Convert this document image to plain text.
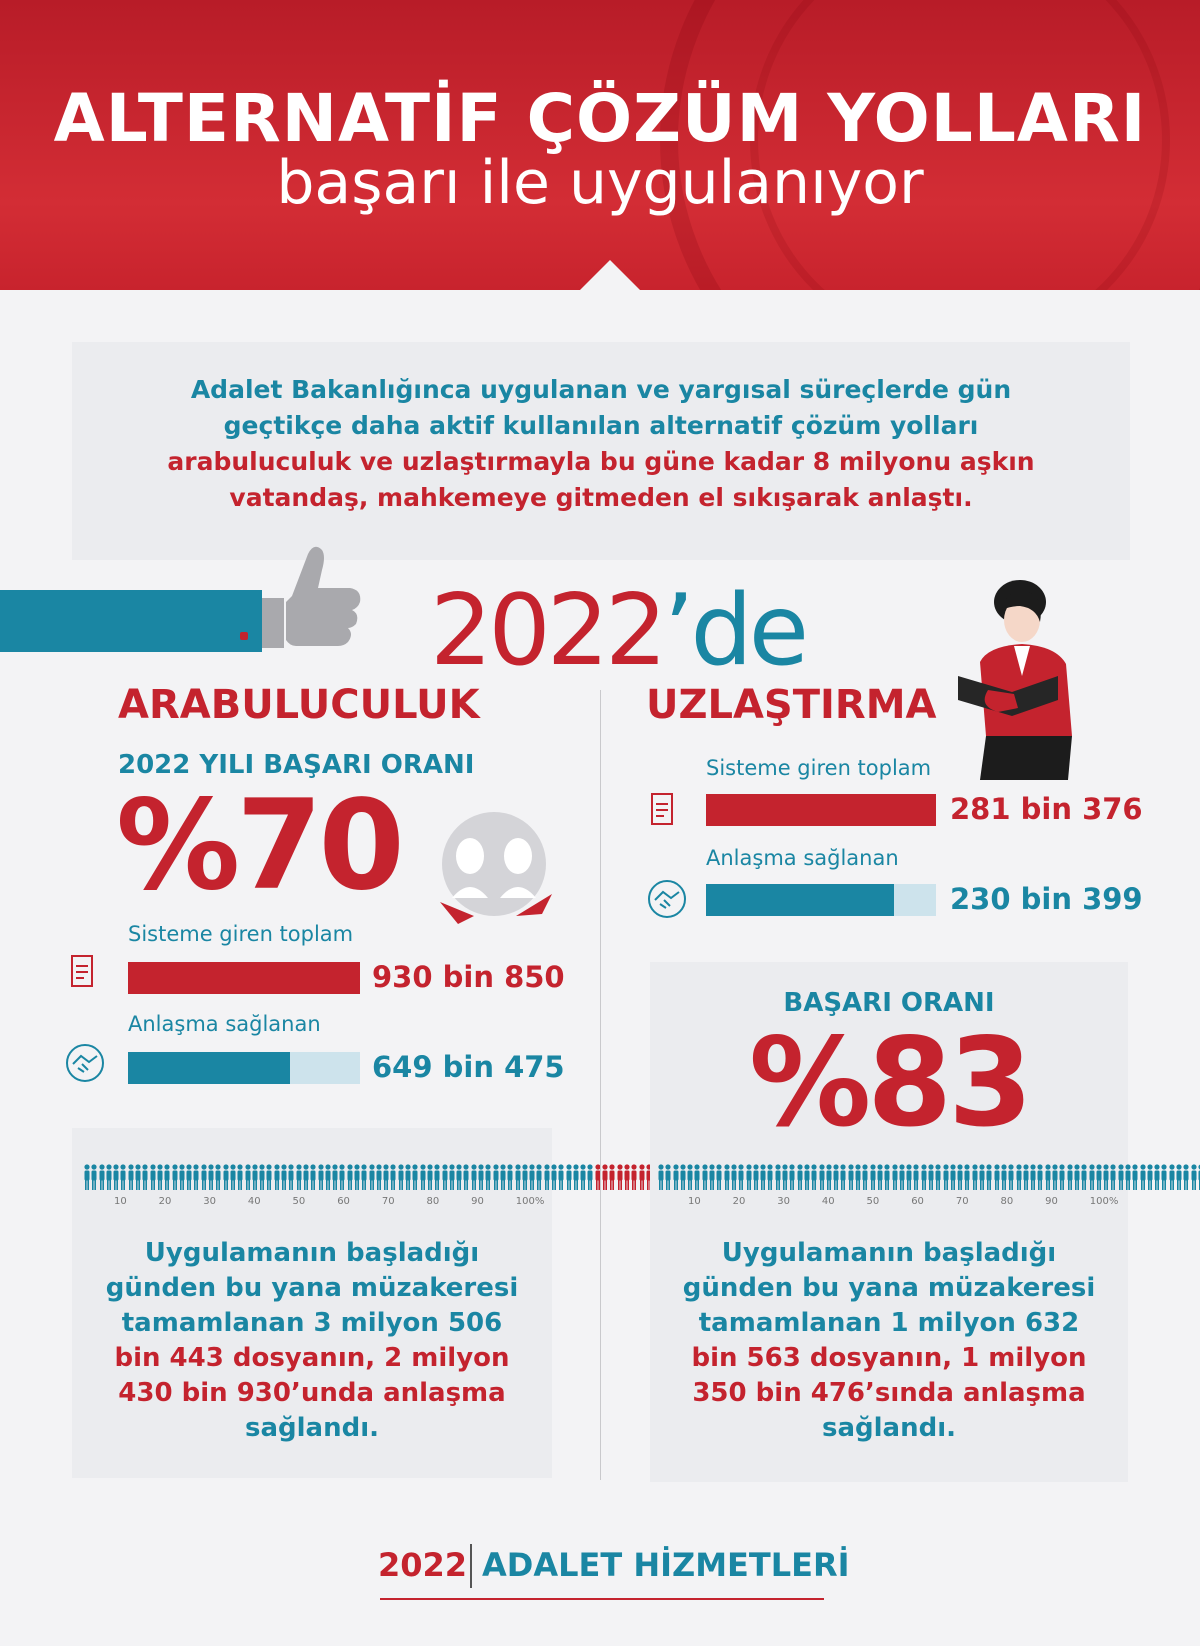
ALTERNATİF ÇÖZÜM YOLLARI
başarı ile uygulanıyor
Adalet Bakanlığınca uygulanan ve yargısal süreçlerde gün
geçtikçe daha aktif kullanılan alternatif çözüm yolları
arabuluculuk ve uzlaştırmayla bu güne kadar 8 milyonu aşkın
vatandaş, mahkemeye gitmeden el sıkışarak anlaştı.
2022’de
ARABULUCULUK
2022 YILI BAŞARI ORANI
%70
Sisteme giren toplam
930 bin 850
Anlaşma sağlanan
649 bin 475
10	20	30	40	50	60	70	80	90	100%
Uygulamanın başladığı
günden bu yana müzakeresi
tamamlanan 3 milyon 506
bin 443 dosyanın, 2 milyon
430 bin 930’unda anlaşma
sağlandı.
UZLAŞTIRMA
Sisteme giren toplam
281 bin 376
Anlaşma sağlanan
230 bin 399
BAŞARI ORANI
%83
10	20	30	40	50	60	70	80	90	100%
Uygulamanın başladığı
günden bu yana müzakeresi
tamamlanan 1 milyon 632
bin 563 dosyanın, 1 milyon
350 bin 476’sında anlaşma
sağlandı.
2022 ADALET HİZMETLERİ
